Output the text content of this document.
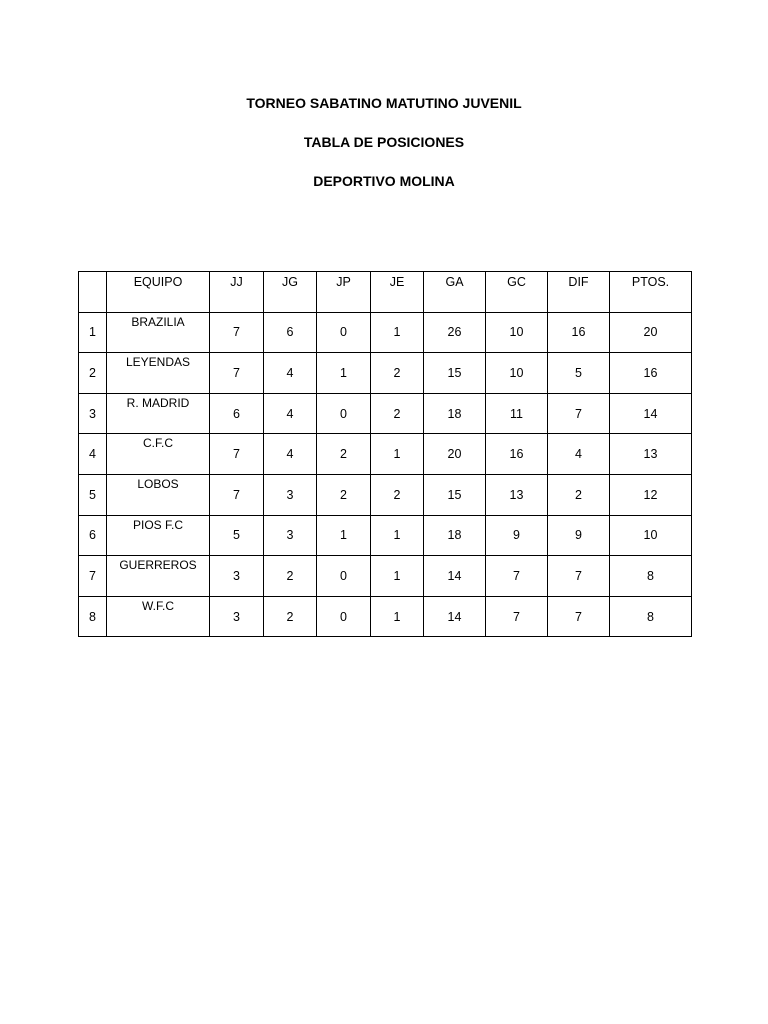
TORNEO SABATINO MATUTINO JUVENIL
TABLA DE POSICIONES
DEPORTIVO MOLINA
	EQUIPO	JJ	JG	JP	JE	GA	GC	DIF	PTOS.
1	BRAZILIA	7	6	0	1	26	10	16	20
2	LEYENDAS	7	4	1	2	15	10	5	16
3	R. MADRID	6	4	0	2	18	11	7	14
4	C.F.C	7	4	2	1	20	16	4	13
5	LOBOS	7	3	2	2	15	13	2	12
6	PIOS F.C	5	3	1	1	18	9	9	10
7	GUERREROS	3	2	0	1	14	7	7	8
8	W.F.C	3	2	0	1	14	7	7	8
